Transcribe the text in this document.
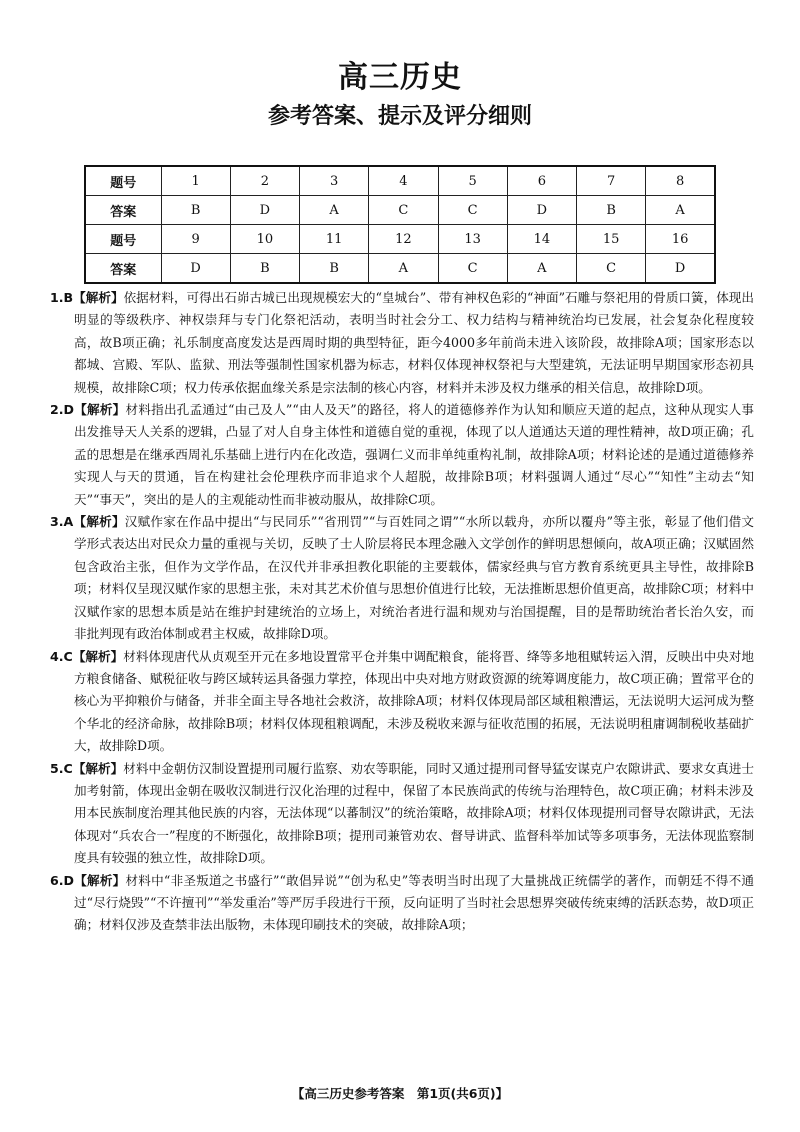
高三历史
参考答案、提示及评分细则
题号	1	2	3	4	5	6	7	8
答案	B	D	A	C	C	D	B	A
题号	9	10	11	12	13	14	15	16
答案	D	B	B	A	C	A	C	D

1.B【解析】依据材料，可得出石峁古城已出现规模宏大的“皇城台”、带有神权色彩的“神面”石雕与祭祀用的骨质口簧，体现出明显的等级秩序、神权崇拜与专门化祭祀活动，表明当时社会分工、权力结构与精神统治均已发展，社会复杂化程度较高，故B项正确；礼乐制度高度发达是西周时期的典型特征，距今4000多年前尚未进入该阶段，故排除A项；国家形态以都城、宫殿、军队、监狱、刑法等强制性国家机器为标志，材料仅体现神权祭祀与大型建筑，无法证明早期国家形态初具规模，故排除C项；权力传承依据血缘关系是宗法制的核心内容，材料并未涉及权力继承的相关信息，故排除D项。

2.D【解析】材料指出孔孟通过“由己及人”“由人及天”的路径，将人的道德修养作为认知和顺应天道的起点，这种从现实人事出发推导天人关系的逻辑，凸显了对人自身主体性和道德自觉的重视，体现了以人道通达天道的理性精神，故D项正确；孔孟的思想是在继承西周礼乐基础上进行内在化改造，强调仁义而非单纯重构礼制，故排除A项；材料论述的是通过道德修养实现人与天的贯通，旨在构建社会伦理秩序而非追求个人超脱，故排除B项；材料强调人通过“尽心”“知性”主动去“知天”“事天”，突出的是人的主观能动性而非被动服从，故排除C项。

3.A【解析】汉赋作家在作品中提出“与民同乐”“省刑罚”“与百姓同之谓”“水所以载舟，亦所以覆舟”等主张，彰显了他们借文学形式表达出对民众力量的重视与关切，反映了士人阶层将民本理念融入文学创作的鲜明思想倾向，故A项正确；汉赋固然包含政治主张，但作为文学作品，在汉代并非承担教化职能的主要载体，儒家经典与官方教育系统更具主导性，故排除B项；材料仅呈现汉赋作家的思想主张，未对其艺术价值与思想价值进行比较，无法推断思想价值更高，故排除C项；材料中汉赋作家的思想本质是站在维护封建统治的立场上，对统治者进行温和规劝与治国提醒，目的是帮助统治者长治久安，而非批判现有政治体制或君主权威，故排除D项。

4.C【解析】材料体现唐代从贞观至开元在多地设置常平仓并集中调配粮食，能将晋、绛等多地租赋转运入渭，反映出中央对地方粮食储备、赋税征收与跨区域转运具备强力掌控，体现出中央对地方财政资源的统筹调度能力，故C项正确；置常平仓的核心为平抑粮价与储备，并非全面主导各地社会救济，故排除A项；材料仅体现局部区域租粮漕运，无法说明大运河成为整个华北的经济命脉，故排除B项；材料仅体现租粮调配，未涉及税收来源与征收范围的拓展，无法说明租庸调制税收基础扩大，故排除D项。

5.C【解析】材料中金朝仿汉制设置提刑司履行监察、劝农等职能，同时又通过提刑司督导猛安谋克户农隙讲武、要求女真进士加考射箭，体现出金朝在吸收汉制进行汉化治理的过程中，保留了本民族尚武的传统与治理特色，故C项正确；材料未涉及用本民族制度治理其他民族的内容，无法体现“以蕃制汉”的统治策略，故排除A项；材料仅体现提刑司督导农隙讲武，无法体现对“兵农合一”程度的不断强化，故排除B项；提刑司兼管劝农、督导讲武、监督科举加试等多项事务，无法体现监察制度具有较强的独立性，故排除D项。

6.D【解析】材料中“非圣叛道之书盛行”“敢倡异说”“创为私史”等表明当时出现了大量挑战正统儒学的著作，而朝廷不得不通过“尽行烧毁”“不许擅刊”“举发重治”等严厉手段进行干预，反向证明了当时社会思想界突破传统束缚的活跃态势，故D项正确；材料仅涉及查禁非法出版物，未体现印刷技术的突破，故排除A项；

【高三历史参考答案　第1页(共6页)】
